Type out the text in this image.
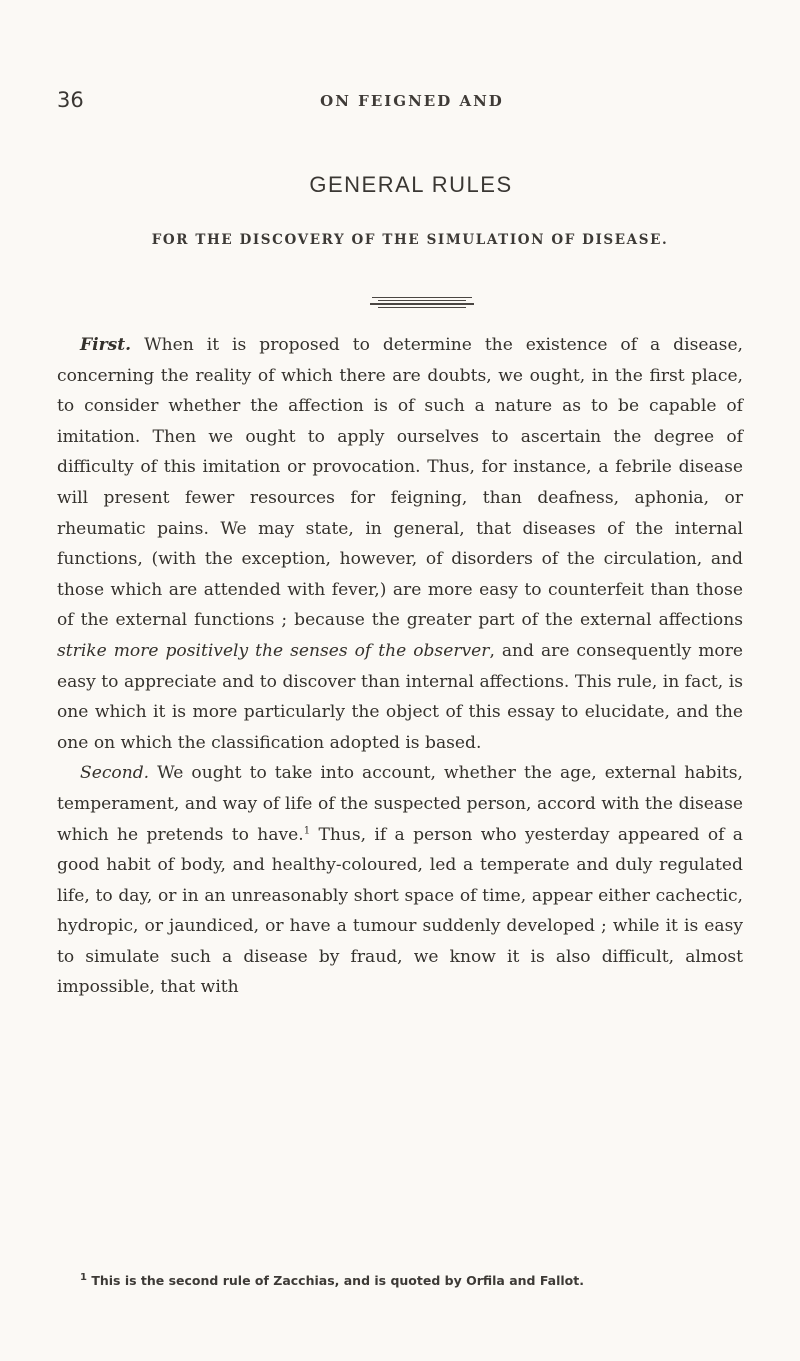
36	ON FEIGNED AND
GENERAL RULES
FOR THE DISCOVERY OF THE SIMULATION OF DISEASE.

First. When it is proposed to determine the existence of a disease, concerning the reality of which there are doubts, we ought, in the first place, to consider whether the affection is of such a nature as to be capable of imitation. Then we ought to apply ourselves to ascertain the degree of difficulty of this imitation or provocation. Thus, for instance, a febrile disease will present fewer resources for feigning, than deafness, aphonia, or rheumatic pains. We may state, in general, that diseases of the internal functions, (with the exception, however, of disorders of the circulation, and those which are attended with fever,) are more easy to counterfeit than those of the external functions ; because the greater part of the external affections strike more positively the senses of the observer, and are consequently more easy to appreciate and to discover than internal affections. This rule, in fact, is one which it is more particularly the object of this essay to elucidate, and the one on which the classification adopted is based.

Second. We ought to take into account, whether the age, external habits, temperament, and way of life of the suspected person, accord with the disease which he pretends to have.$^1$ Thus, if a person who yesterday appeared of a good habit of body, and healthy-coloured, led a temperate and duly regulated life, to day, or in an unreasonably short space of time, appear either cachectic, hydropic, or jaundiced, or have a tumour suddenly developed ; while it is easy to simulate such a disease by fraud, we know it is also difficult, almost impossible, that with

$^1$ This is the second rule of Zacchias, and is quoted by Orfila and Fallot.
